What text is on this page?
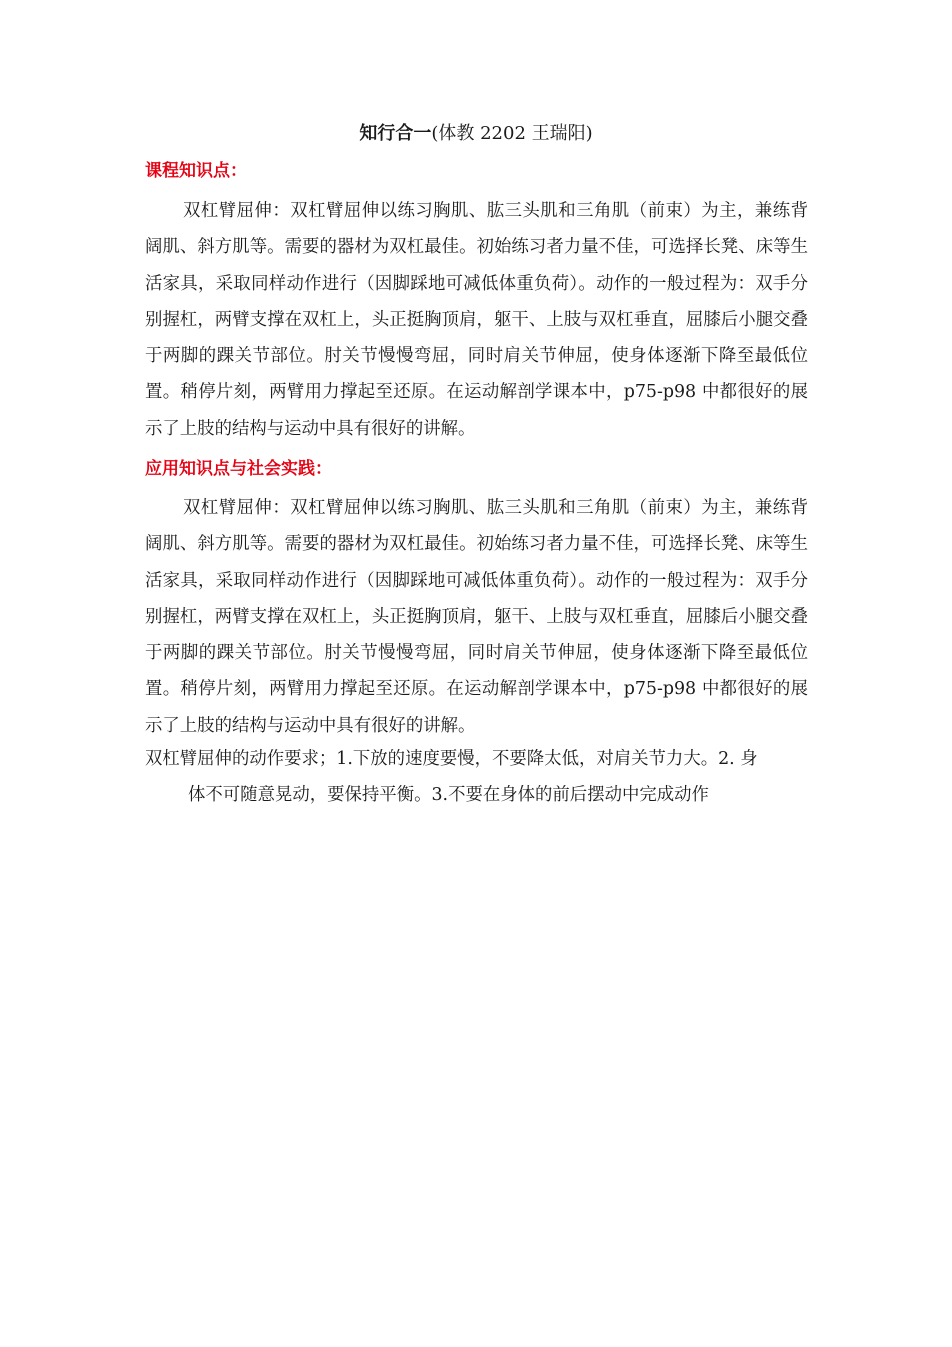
知行合一(体教 2202 王瑞阳)
课程知识点：
双杠臂屈伸：双杠臂屈伸以练习胸肌、肱三头肌和三角肌（前束）为主，兼练背阔肌、斜方肌等。需要的器材为双杠最佳。初始练习者力量不佳，可选择长凳、床等生活家具，采取同样动作进行（因脚踩地可减低体重负荷）。动作的一般过程为：双手分别握杠，两臂支撑在双杠上，头正挺胸顶肩，躯干、上肢与双杠垂直，屈膝后小腿交叠于两脚的踝关节部位。肘关节慢慢弯屈，同时肩关节伸屈，使身体逐渐下降至最低位置。稍停片刻，两臂用力撑起至还原。在运动解剖学课本中，p75-p98 中都很好的展示了上肢的结构与运动中具有很好的讲解。
应用知识点与社会实践：
双杠臂屈伸：双杠臂屈伸以练习胸肌、肱三头肌和三角肌（前束）为主，兼练背阔肌、斜方肌等。需要的器材为双杠最佳。初始练习者力量不佳，可选择长凳、床等生活家具，采取同样动作进行（因脚踩地可减低体重负荷）。动作的一般过程为：双手分别握杠，两臂支撑在双杠上，头正挺胸顶肩，躯干、上肢与双杠垂直，屈膝后小腿交叠于两脚的踝关节部位。肘关节慢慢弯屈，同时肩关节伸屈，使身体逐渐下降至最低位置。稍停片刻，两臂用力撑起至还原。在运动解剖学课本中，p75-p98 中都很好的展示了上肢的结构与运动中具有很好的讲解。
双杠臂屈伸的动作要求；1.下放的速度要慢，不要降太低，对肩关节力大。2. 身
体不可随意晃动，要保持平衡。3.不要在身体的前后摆动中完成动作
